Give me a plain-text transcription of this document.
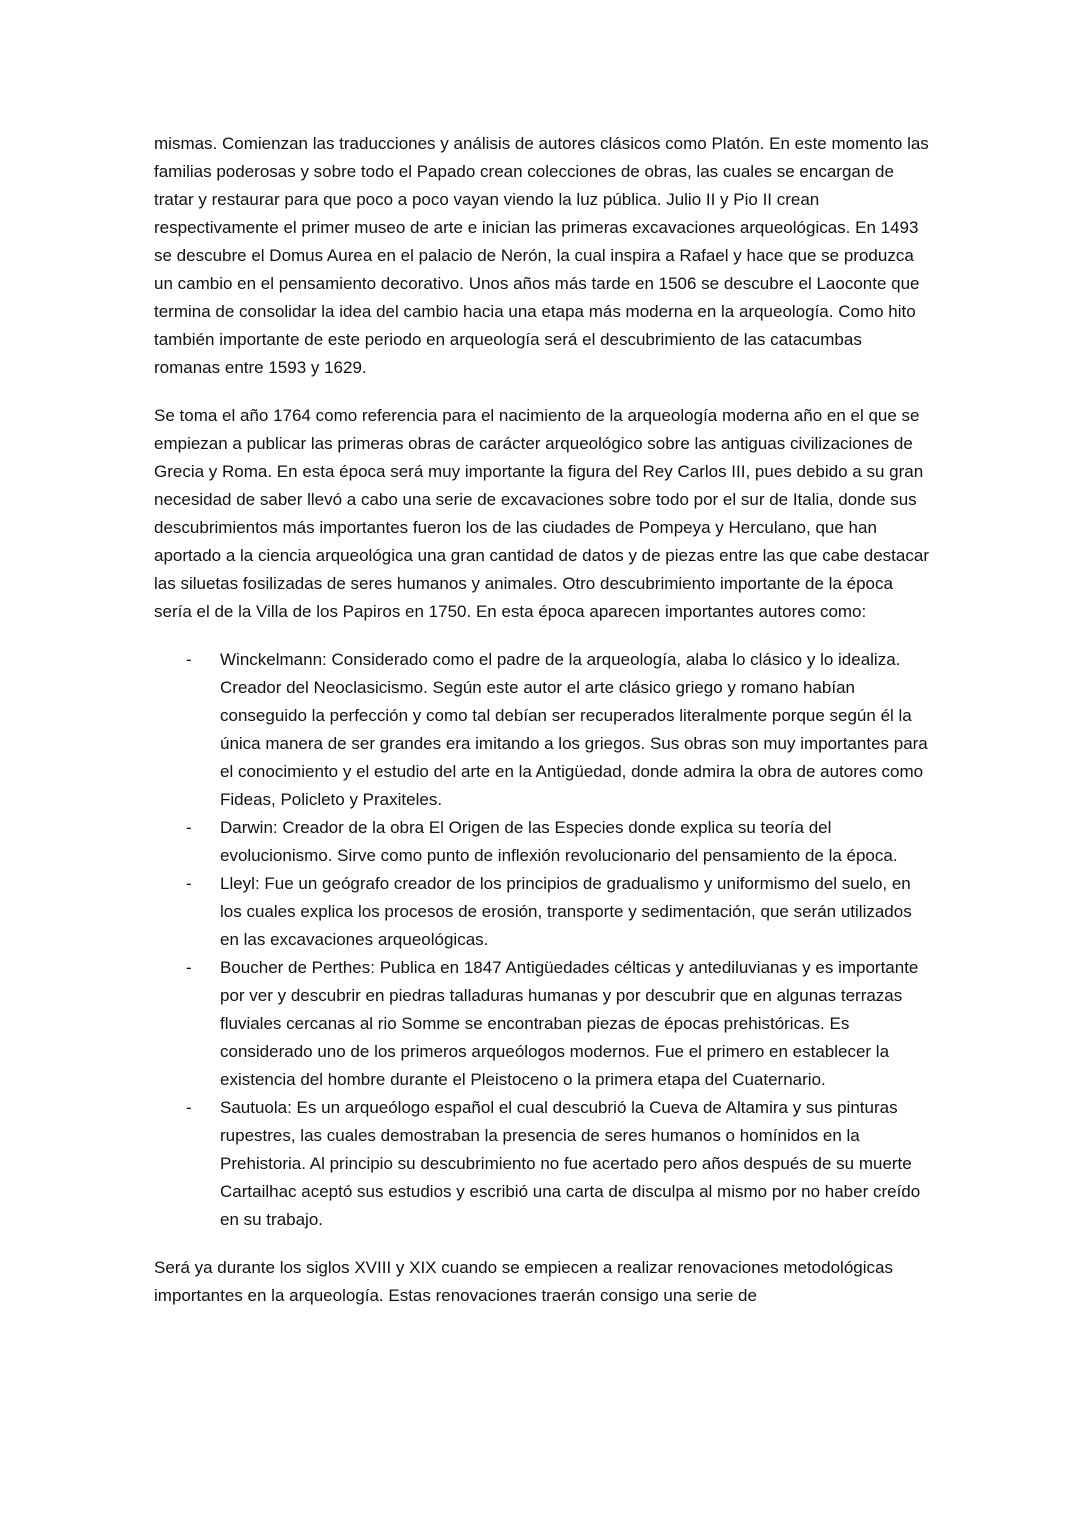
mismas. Comienzan las traducciones y análisis de autores clásicos como Platón. En este momento las familias poderosas y sobre todo el Papado crean colecciones de obras, las cuales se encargan de tratar y restaurar para que poco a poco vayan viendo la luz pública. Julio II y Pio II crean respectivamente el primer museo de arte e inician las primeras excavaciones arqueológicas. En 1493 se descubre el Domus Aurea en el palacio de Nerón, la cual inspira a Rafael y hace que se produzca un cambio en el pensamiento decorativo. Unos años más tarde en 1506 se descubre el Laoconte que termina de consolidar la idea del cambio hacia una etapa más moderna en la arqueología. Como hito también importante de este periodo en arqueología será el descubrimiento de las catacumbas romanas entre 1593 y 1629.

Se toma el año 1764 como referencia para el nacimiento de la arqueología moderna año en el que se empiezan a publicar las primeras obras de carácter arqueológico sobre las antiguas civilizaciones de Grecia y Roma. En esta época será muy importante la figura del Rey Carlos III, pues debido a su gran necesidad de saber llevó a cabo una serie de excavaciones sobre todo por el sur de Italia, donde sus descubrimientos más importantes fueron los de las ciudades de Pompeya y Herculano, que han aportado a la ciencia arqueológica una gran cantidad de datos y de piezas entre las que cabe destacar las siluetas fosilizadas de seres humanos y animales. Otro descubrimiento importante de la época sería el de la Villa de los Papiros en 1750. En esta época aparecen importantes autores como:

- Winckelmann: Considerado como el padre de la arqueología, alaba lo clásico y lo idealiza. Creador del Neoclasicismo. Según este autor el arte clásico griego y romano habían conseguido la perfección y como tal debían ser recuperados literalmente porque según él la única manera de ser grandes era imitando a los griegos. Sus obras son muy importantes para el conocimiento y el estudio del arte en la Antigüedad, donde admira la obra de autores como Fideas, Policleto y Praxiteles.
- Darwin: Creador de la obra El Origen de las Especies donde explica su teoría del evolucionismo. Sirve como punto de inflexión revolucionario del pensamiento de la época.
- Lleyl: Fue un geógrafo creador de los principios de gradualismo y uniformismo del suelo, en los cuales explica los procesos de erosión, transporte y sedimentación, que serán utilizados en las excavaciones arqueológicas.
- Boucher de Perthes: Publica en 1847 Antigüedades célticas y antediluvianas y es importante por ver y descubrir en piedras talladuras humanas y por descubrir que en algunas terrazas fluviales cercanas al rio Somme se encontraban piezas de épocas prehistóricas. Es considerado uno de los primeros arqueólogos modernos. Fue el primero en establecer la existencia del hombre durante el Pleistoceno o la primera etapa del Cuaternario.
- Sautuola: Es un arqueólogo español el cual descubrió la Cueva de Altamira y sus pinturas rupestres, las cuales demostraban la presencia de seres humanos o homínidos en la Prehistoria. Al principio su descubrimiento no fue acertado pero años después de su muerte Cartailhac aceptó sus estudios y escribió una carta de disculpa al mismo por no haber creído en su trabajo.

Será ya durante los siglos XVIII y XIX cuando se empiecen a realizar renovaciones metodológicas importantes en la arqueología. Estas renovaciones traerán consigo una serie de
